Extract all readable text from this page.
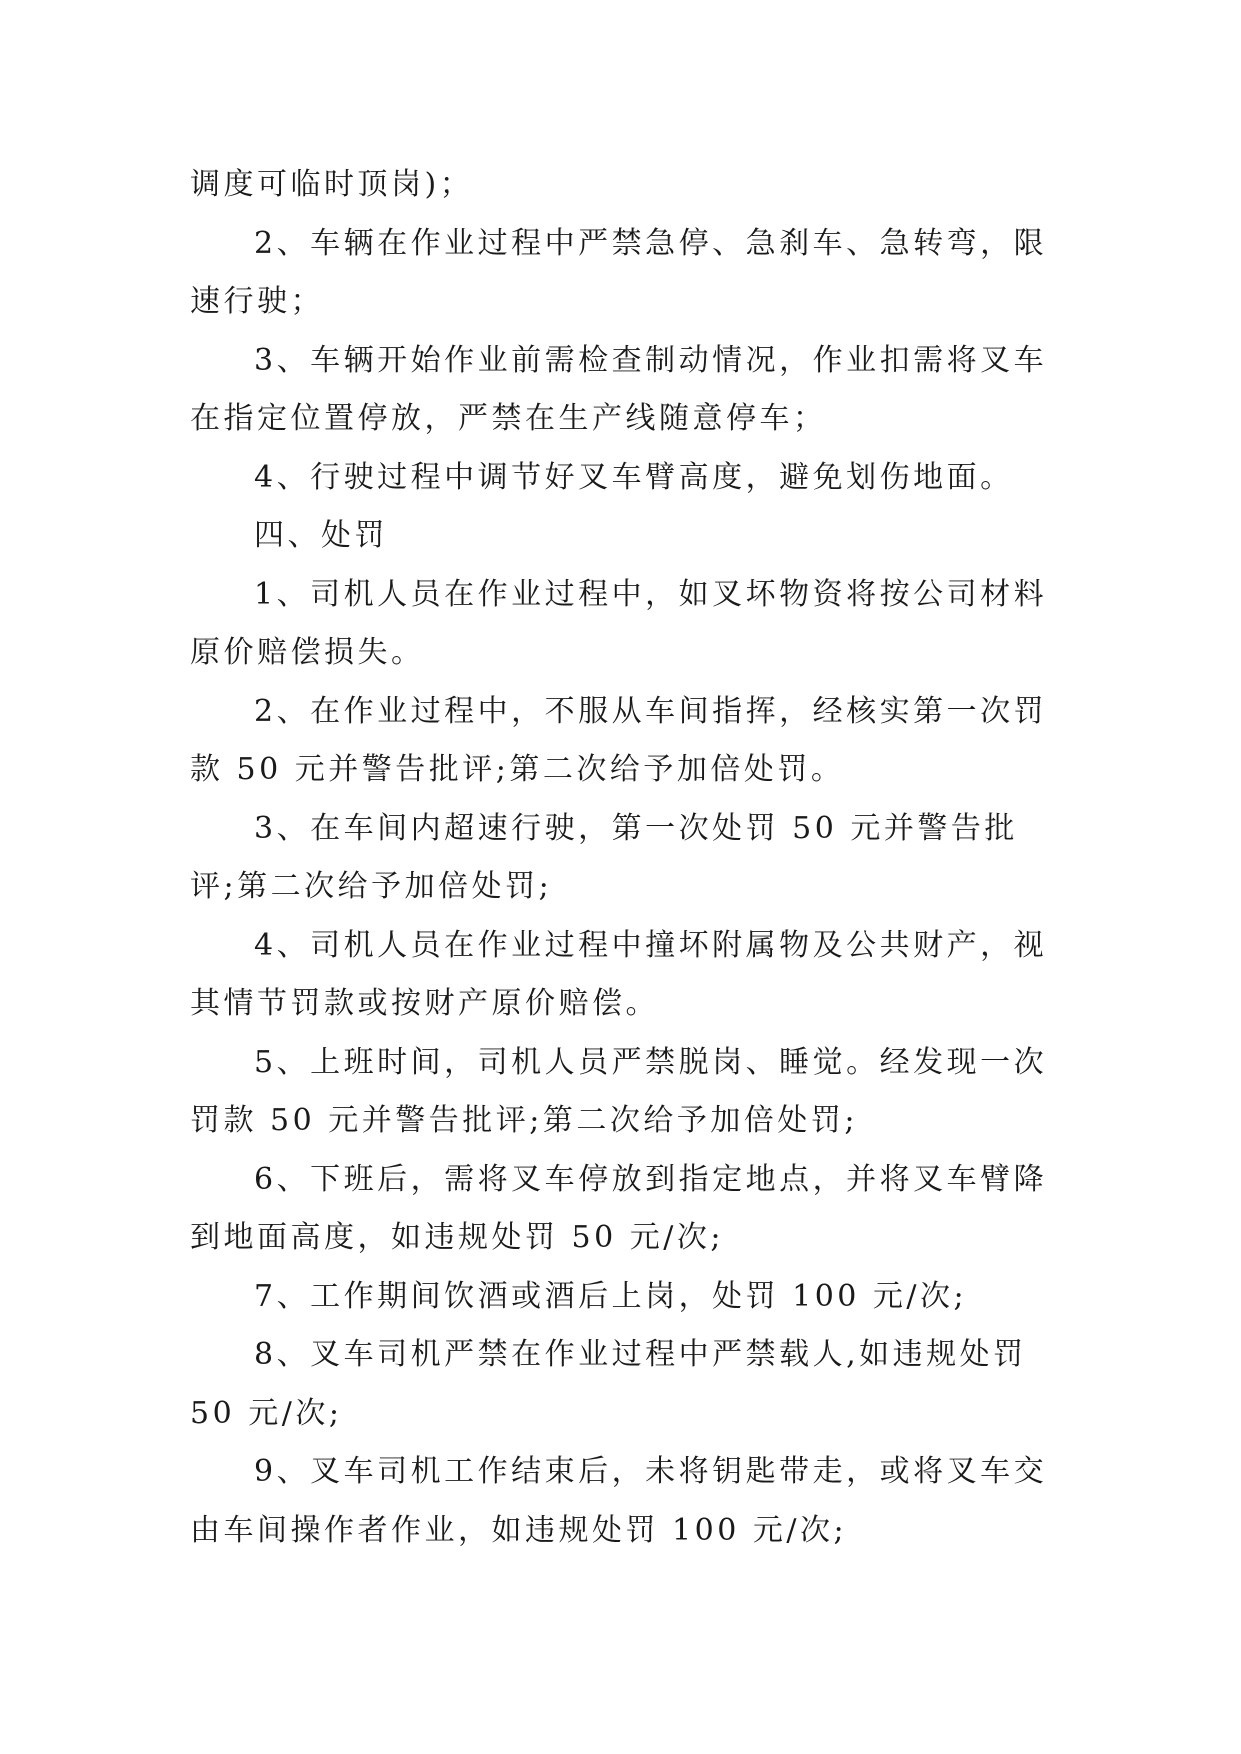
调度可临时顶岗)；

2、车辆在作业过程中严禁急停、急刹车、急转弯，限速行驶；

3、车辆开始作业前需检查制动情况，作业扣需将叉车在指定位置停放，严禁在生产线随意停车；

4、行驶过程中调节好叉车臂高度，避免划伤地面。

四、处罚

1、司机人员在作业过程中，如叉坏物资将按公司材料原价赔偿损失。

2、在作业过程中，不服从车间指挥，经核实第一次罚款 50 元并警告批评;第二次给予加倍处罚。

3、在车间内超速行驶，第一次处罚 50 元并警告批评;第二次给予加倍处罚;

4、司机人员在作业过程中撞坏附属物及公共财产，视其情节罚款或按财产原价赔偿。

5、上班时间，司机人员严禁脱岗、睡觉。经发现一次罚款 50 元并警告批评;第二次给予加倍处罚;

6、下班后，需将叉车停放到指定地点，并将叉车臂降到地面高度，如违规处罚 50 元/次;

7、工作期间饮酒或酒后上岗，处罚 100 元/次;

8、叉车司机严禁在作业过程中严禁载人,如违规处罚 50 元/次;

9、叉车司机工作结束后，未将钥匙带走，或将叉车交由车间操作者作业，如违规处罚 100 元/次;
